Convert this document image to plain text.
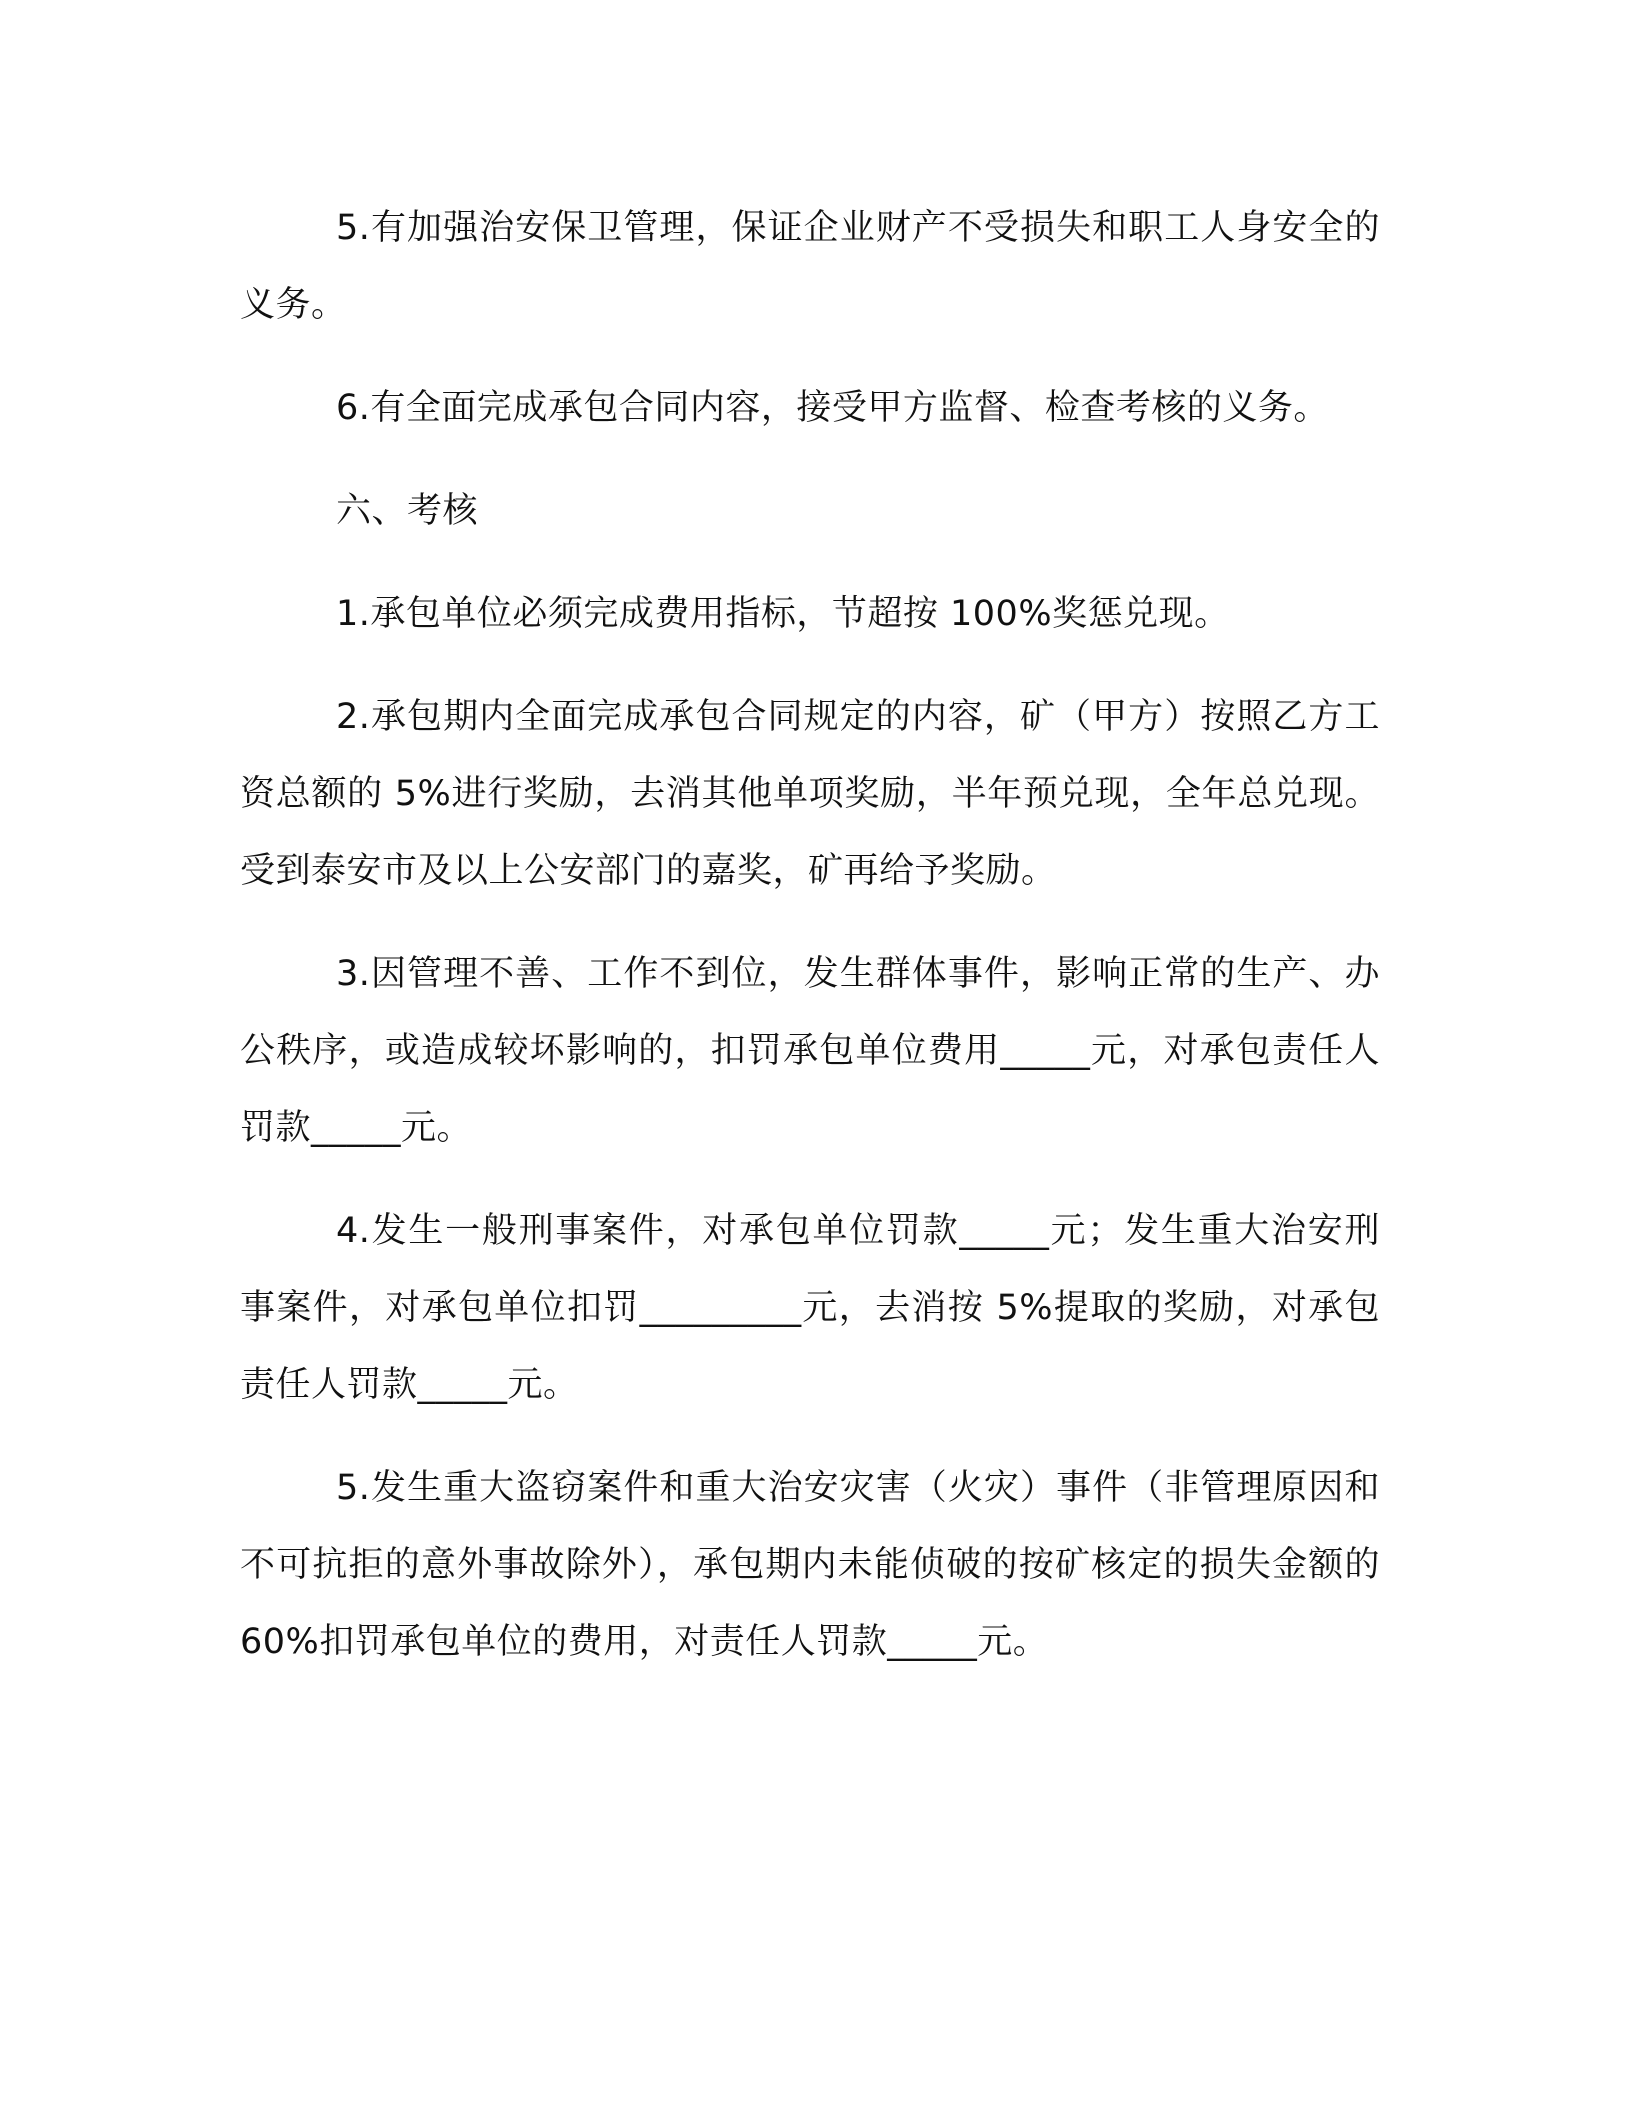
5.有加强治安保卫管理，保证企业财产不受损失和职工人身安全的义务。

6.有全面完成承包合同内容，接受甲方监督、检查考核的义务。

六、考核

1.承包单位必须完成费用指标，节超按 100%奖惩兑现。

2.承包期内全面完成承包合同规定的内容，矿（甲方）按照乙方工资总额的 5%进行奖励，去消其他单项奖励，半年预兑现，全年总兑现。受到泰安市及以上公安部门的嘉奖，矿再给予奖励。

3.因管理不善、工作不到位，发生群体事件，影响正常的生产、办公秩序，或造成较坏影响的，扣罚承包单位费用_____元，对承包责任人罚款_____元。

4.发生一般刑事案件，对承包单位罚款_____元；发生重大治安刑事案件，对承包单位扣罚_________元，去消按 5%提取的奖励，对承包责任人罚款_____元。

5.发生重大盗窃案件和重大治安灾害（火灾）事件（非管理原因和不可抗拒的意外事故除外），承包期内未能侦破的按矿核定的损失金额的 60%扣罚承包单位的费用，对责任人罚款_____元。
